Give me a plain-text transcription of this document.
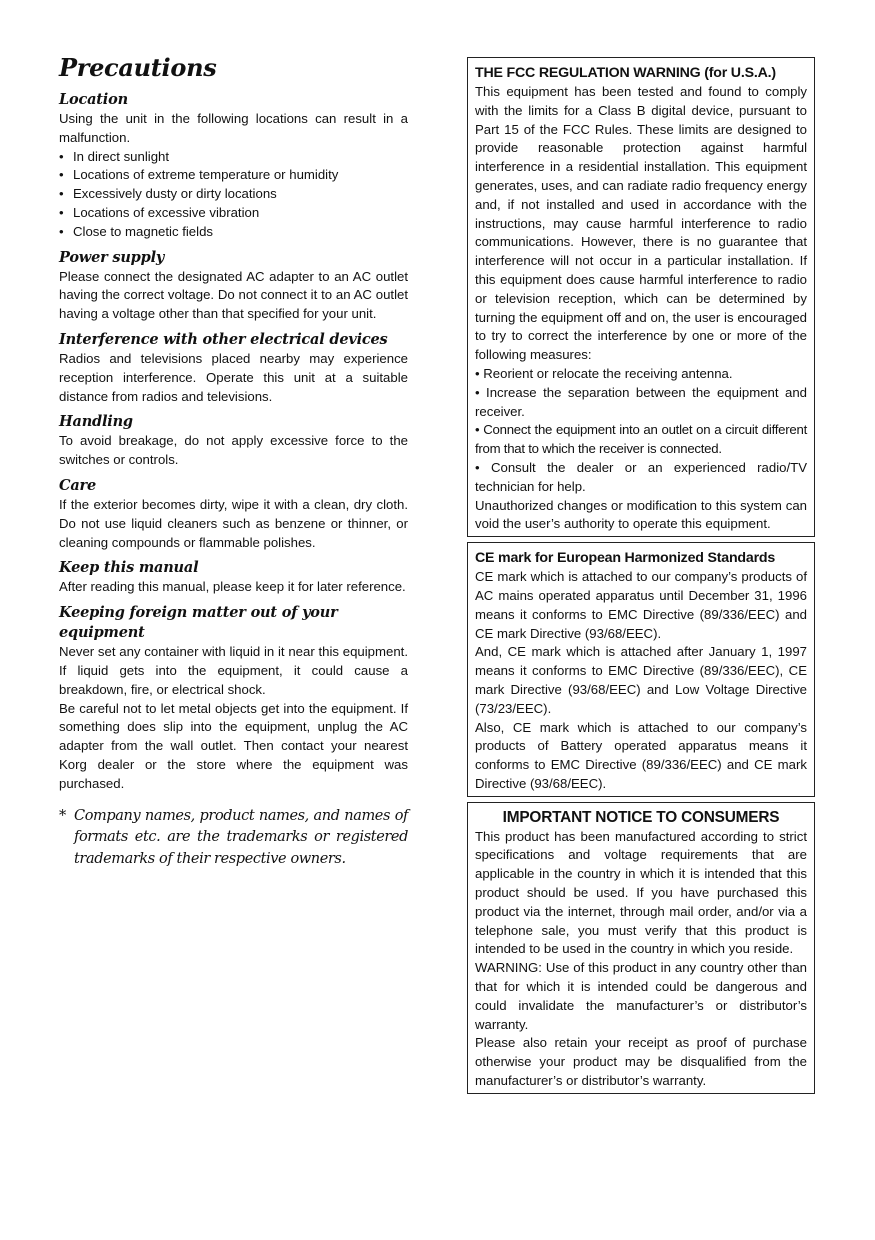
Precautions
Location

Using the unit in the following locations can result in a malfunction.

• In direct sunlight
• Locations of extreme temperature or humidity
• Excessively dusty or dirty locations
• Locations of excessive vibration
• Close to magnetic fields
Power supply

Please connect the designated AC adapter to an AC outlet having the correct voltage. Do not connect it to an AC outlet having a voltage other than that specified for your unit.

Interference with other electrical devices

Radios and televisions placed nearby may experience reception interference. Operate this unit at a suitable distance from radios and televisions.

Handling

To avoid breakage, do not apply excessive force to the switches or controls.

Care

If the exterior becomes dirty, wipe it with a clean, dry cloth. Do not use liquid cleaners such as benzene or thinner, or cleaning compounds or flammable polishes.

Keep this manual

After reading this manual, please keep it for later reference.

Keeping foreign matter out of your equipment

Never set any container with liquid in it near this equipment. If liquid gets into the equipment, it could cause a breakdown, fire, or electrical shock.

Be careful not to let metal objects get into the equipment. If something does slip into the equipment, unplug the AC adapter from the wall outlet. Then contact your nearest Korg dealer or the store where the equipment was purchased.

* Company names, product names, and names of formats etc. are the trademarks or registered trademarks of their respective owners.
THE FCC REGULATION WARNING (for U.S.A.)

This equipment has been tested and found to comply with the limits for a Class B digital device, pursuant to Part 15 of the FCC Rules. These limits are designed to provide reasonable protection against harmful interference in a residential installation. This equipment generates, uses, and can radiate radio frequency energy and, if not installed and used in accordance with the instructions, may cause harmful interference to radio communications. However, there is no guarantee that interference will not occur in a particular installation. If this equipment does cause harmful interference to radio or television reception, which can be determined by turning the equipment off and on, the user is encouraged to try to correct the interference by one or more of the following measures:

• Reorient or relocate the receiving antenna.

• Increase the separation between the equipment and receiver.

• Connect the equipment into an outlet on a circuit different from that to which the receiver is connected.

• Consult the dealer or an experienced radio/TV technician for help.

Unauthorized changes or modification to this system can void the user’s authority to operate this equipment.

CE mark for European Harmonized Standards

CE mark which is attached to our company’s products of AC mains operated apparatus until December 31, 1996 means it conforms to EMC Directive (89/336/EEC) and CE mark Directive (93/68/EEC).

And, CE mark which is attached after January 1, 1997 means it conforms to EMC Directive (89/336/EEC), CE mark Directive (93/68/EEC) and Low Voltage Directive (73/23/EEC).

Also, CE mark which is attached to our company’s products of Battery operated apparatus means it conforms to EMC Directive (89/336/EEC) and CE mark Directive (93/68/EEC).

IMPORTANT NOTICE TO CONSUMERS

This product has been manufactured according to strict specifications and voltage requirements that are applicable in the country in which it is intended that this product should be used. If you have purchased this product via the internet, through mail order, and/or via a telephone sale, you must verify that this product is intended to be used in the country in which you reside.

WARNING: Use of this product in any country other than that for which it is intended could be dangerous and could invalidate the manufacturer’s or distributor’s warranty.

Please also retain your receipt as proof of purchase otherwise your product may be disqualified from the manufacturer’s or distributor’s warranty.
